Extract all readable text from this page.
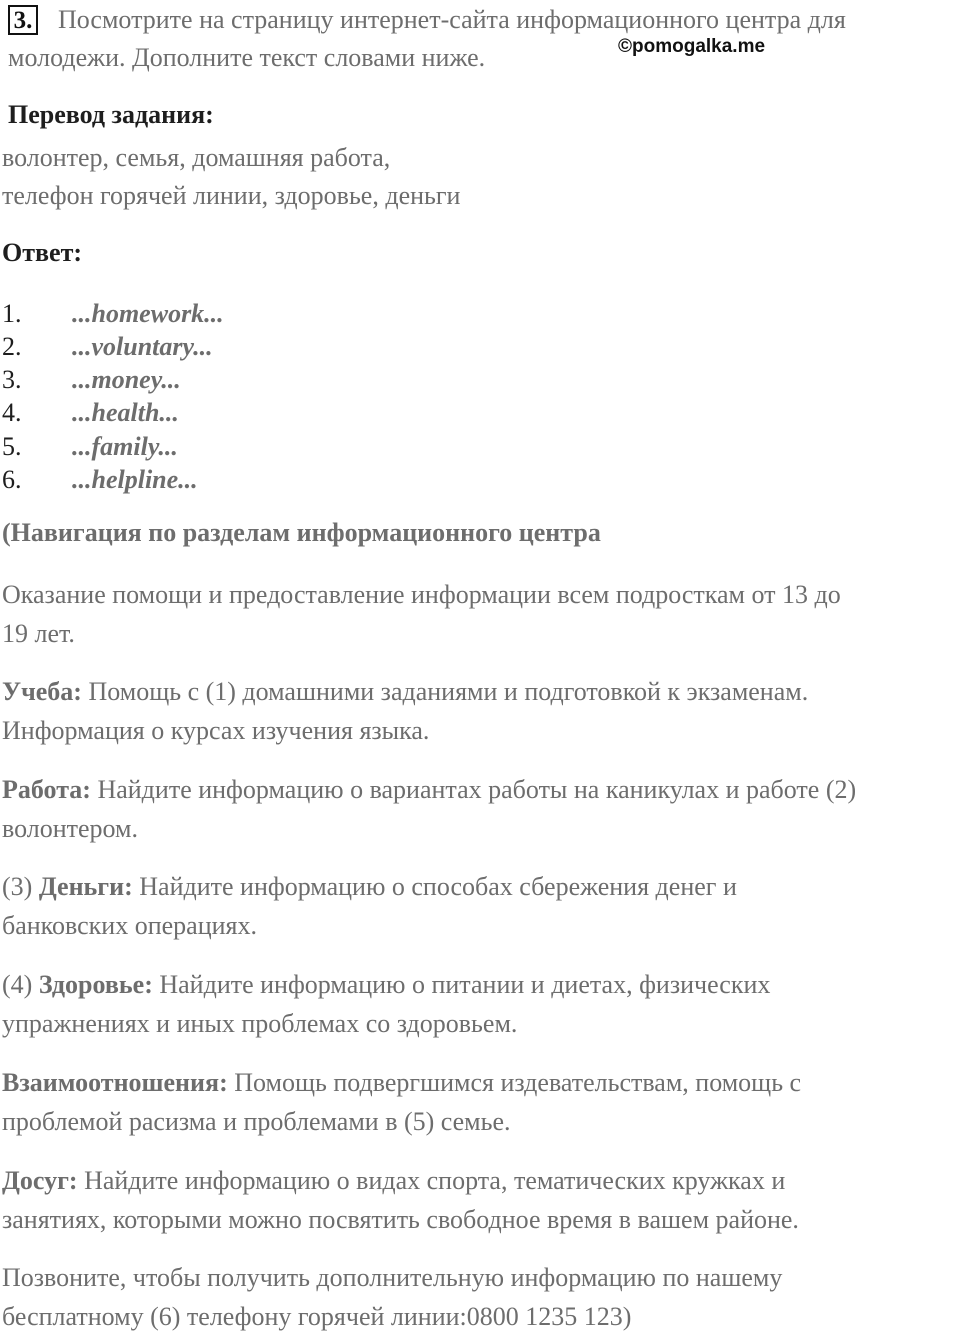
3. Посмотрите на страницу интернет-сайта информационного центра для
молодежи. Дополните текст словами ниже.	©pomogalka.me
Перевод задания:
волонтер, семья, домашняя работа,
телефон горячей линии, здоровье, деньги
Ответ:
1. ...homework...
2. ...voluntary...
3. ...money...
4. ...health...
5. ...family...
6. ...helpline...
(Навигация по разделам информационного центра

Оказание помощи и предоставление информации всем подросткам от 13 до

19 лет.

Учеба: Помощь с (1) домашними заданиями и подготовкой к экзаменам.

Информация о курсах изучения языка.

Работа: Найдите информацию о вариантах работы на каникулах и работе (2)

волонтером.

(3) Деньги: Найдите информацию о способах сбережения денег и

банковских операциях.

(4) Здоровье: Найдите информацию о питании и диетах, физических

упражнениях и иных проблемах со здоровьем.

Взаимоотношения: Помощь подвергшимся издевательствам, помощь с

проблемой расизма и проблемами в (5) семье.

Досуг: Найдите информацию о видах спорта, тематических кружках и

занятиях, которыми можно посвятить свободное время в вашем районе.

Позвоните, чтобы получить дополнительную информацию по нашему

бесплатному (6) телефону горячей линии:0800 1235 123)
